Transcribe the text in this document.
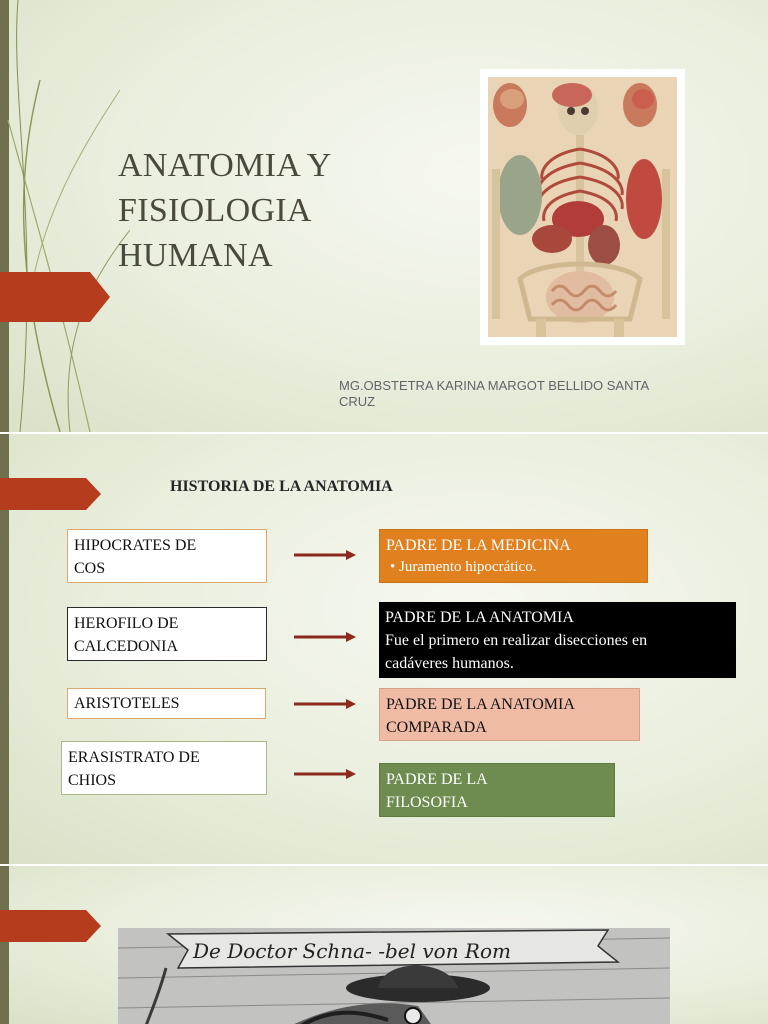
ANATOMIA Y
FISIOLOGIA
HUMANA
MG.OBSTETRA KARINA MARGOT BELLIDO SANTA
CRUZ
HISTORIA DE LA ANATOMIA
HIPOCRATES DE
COS
PADRE DE LA MEDICINA
• Juramento hipocrático.
HEROFILO DE
CALCEDONIA
PADRE DE LA ANATOMIA
Fue el primero en realizar disecciones en
cadáveres humanos.
ARISTOTELES	PADRE DE LA ANATOMIA
COMPARADA
ERASISTRATO DE
CHIOS	PADRE DE LA
FILOSOFIA
De Doctor Schna- -bel von Rom
